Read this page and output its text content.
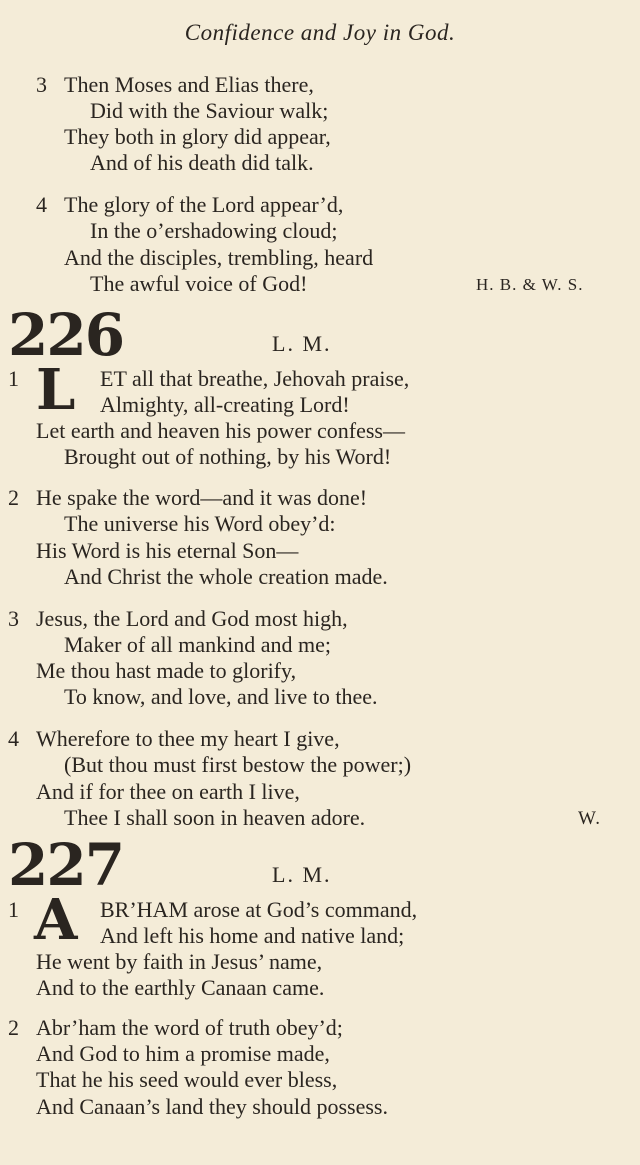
Confidence and Joy in God.
3 Then Moses and Elias there,
Did with the Saviour walk;
They both in glory did appear,
And of his death did talk.
4 The glory of the Lord appear’d,
In the o’ershadowing cloud;
And the disciples, trembling, heard
The awful voice of God!	H. B. & W. S.
226	L. M.
1 L ET all that breathe, Jehovah praise,
Almighty, all-creating Lord!
Let earth and heaven his power confess—
Brought out of nothing, by his Word!
2 He spake the word—and it was done!
The universe his Word obey’d:
His Word is his eternal Son—
And Christ the whole creation made.
3 Jesus, the Lord and God most high,
Maker of all mankind and me;
Me thou hast made to glorify,
To know, and love, and live to thee.
4 Wherefore to thee my heart I give,
(But thou must first bestow the power;)
And if for thee on earth I live,
Thee I shall soon in heaven adore.	W.
227	L. M.
1 A BR’HAM arose at God’s command,
And left his home and native land;
He went by faith in Jesus’ name,
And to the earthly Canaan came.
2 Abr’ham the word of truth obey’d;
And God to him a promise made,
That he his seed would ever bless,
And Canaan’s land they should possess.
